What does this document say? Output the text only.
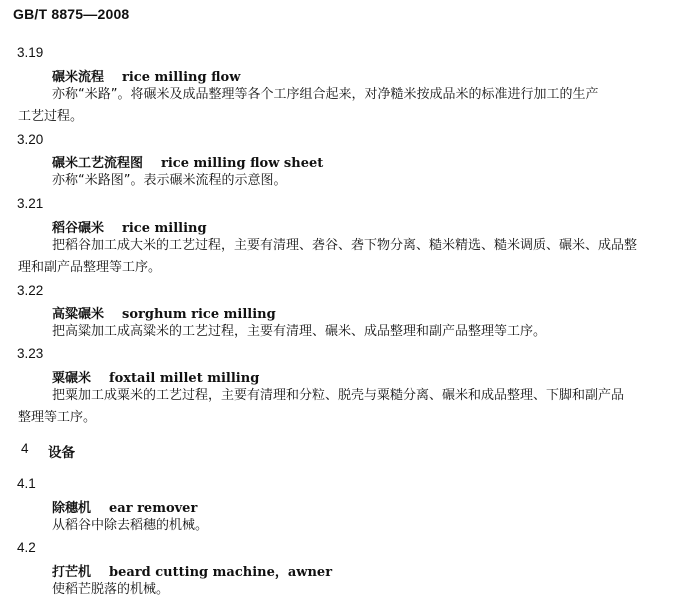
GB/T 8875—2008
3.19
碾米流程 rice milling flow
亦称“米路”。将碾米及成品整理等各个工序组合起来，对净糙米按成品米的标准进行加工的生产
工艺过程。
3.20
碾米工艺流程图 rice milling flow sheet
亦称“米路图”。表示碾米流程的示意图。
3.21
稻谷碾米 rice milling
把稻谷加工成大米的工艺过程，主要有清理、砻谷、砻下物分离、糙米精选、糙米调质、碾米、成品整
理和副产品整理等工序。
3.22
高粱碾米 sorghum rice milling
把高粱加工成高粱米的工艺过程，主要有清理、碾米、成品整理和副产品整理等工序。
3.23
粟碾米 foxtail millet milling
把粟加工成粟米的工艺过程，主要有清理和分粒、脱壳与粟糙分离、碾米和成品整理、下脚和副产品
整理等工序。
4 设备
4.1
除穗机 ear remover
从稻谷中除去稻穗的机械。
4.2
打芒机 beard cutting machine，awner
使稻芒脱落的机械。
